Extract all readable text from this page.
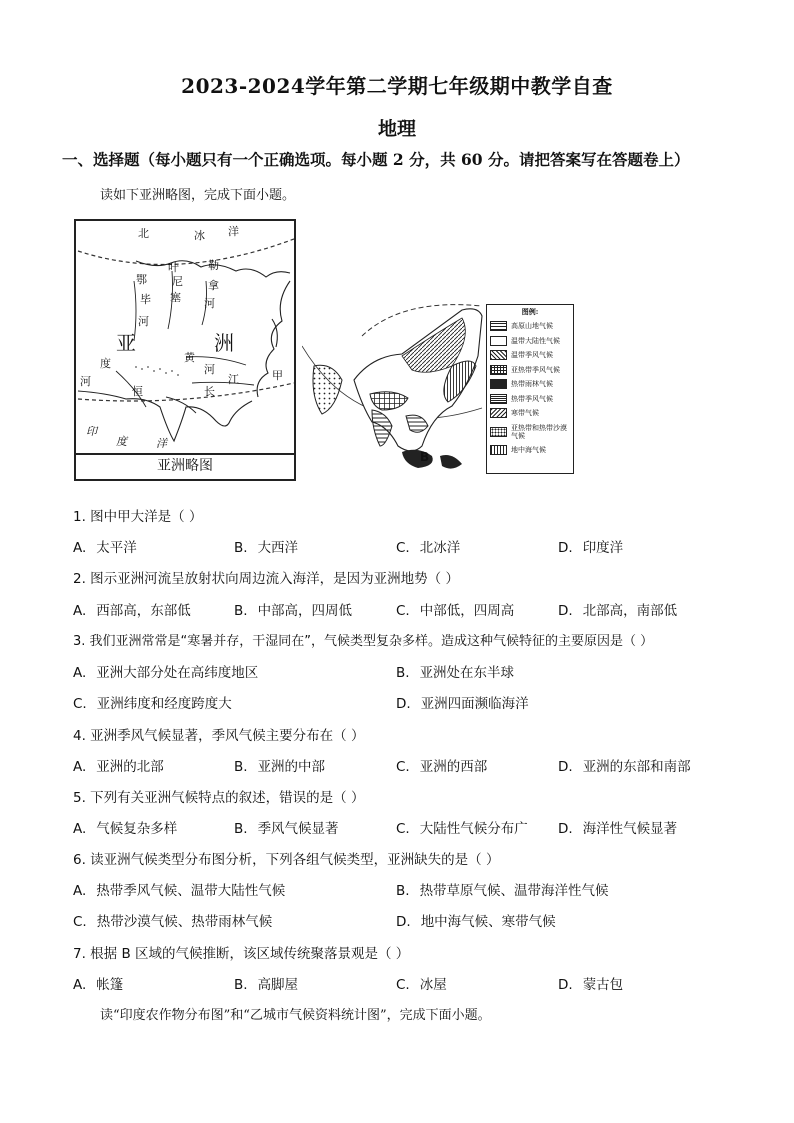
2023-2024学年第二学期七年级期中教学自查
地理
一、选择题（每小题只有一个正确选项。每小题 2 分，共 60 分。请把答案写在答题卷上）
读如下亚洲略图，完成下面小题。
北	冰 洋
叶	勒
鄂 尼 拿
毕 塞 河
河
亚	洲
黄
度	河	甲
河
恒	长
江
印
度	洋
亚洲略图
B
图例:
高原山地气候
温带大陆性气候
温带季风气候
亚热带季风气候
热带雨林气候
热带季风气候
寒带气候
亚热带和热带沙漠气候
地中海气候
1. 图中甲大洋是（ ）
A. 太平洋	B. 大西洋	C. 北冰洋	D. 印度洋
2. 图示亚洲河流呈放射状向周边流入海洋，是因为亚洲地势（ ）
A. 西部高，东部低	B. 中部高，四周低	C. 中部低，四周高	D. 北部高，南部低
3. 我们亚洲常常是“寒暑并存，干湿同在”，气候类型复杂多样。造成这种气候特征的主要原因是（ ）
A. 亚洲大部分处在高纬度地区	B. 亚洲处在东半球
C. 亚洲纬度和经度跨度大	D. 亚洲四面濒临海洋
4. 亚洲季风气候显著，季风气候主要分布在（ ）
A. 亚洲的北部	B. 亚洲的中部	C. 亚洲的西部	D. 亚洲的东部和南部
5. 下列有关亚洲气候特点的叙述，错误的是（ ）
A. 气候复杂多样	B. 季风气候显著	C. 大陆性气候分布广 D. 海洋性气候显著
6. 读亚洲气候类型分布图分析，下列各组气候类型，亚洲缺失的是（ ）
A. 热带季风气候、温带大陆性气候	B. 热带草原气候、温带海洋性气候
C. 热带沙漠气候、热带雨林气候	D. 地中海气候、寒带气候
7. 根据 B 区域的气候推断，该区域传统聚落景观是（ ）
A. 帐篷	B. 高脚屋	C. 冰屋	D. 蒙古包
读“印度农作物分布图”和“乙城市气候资料统计图”，完成下面小题。
